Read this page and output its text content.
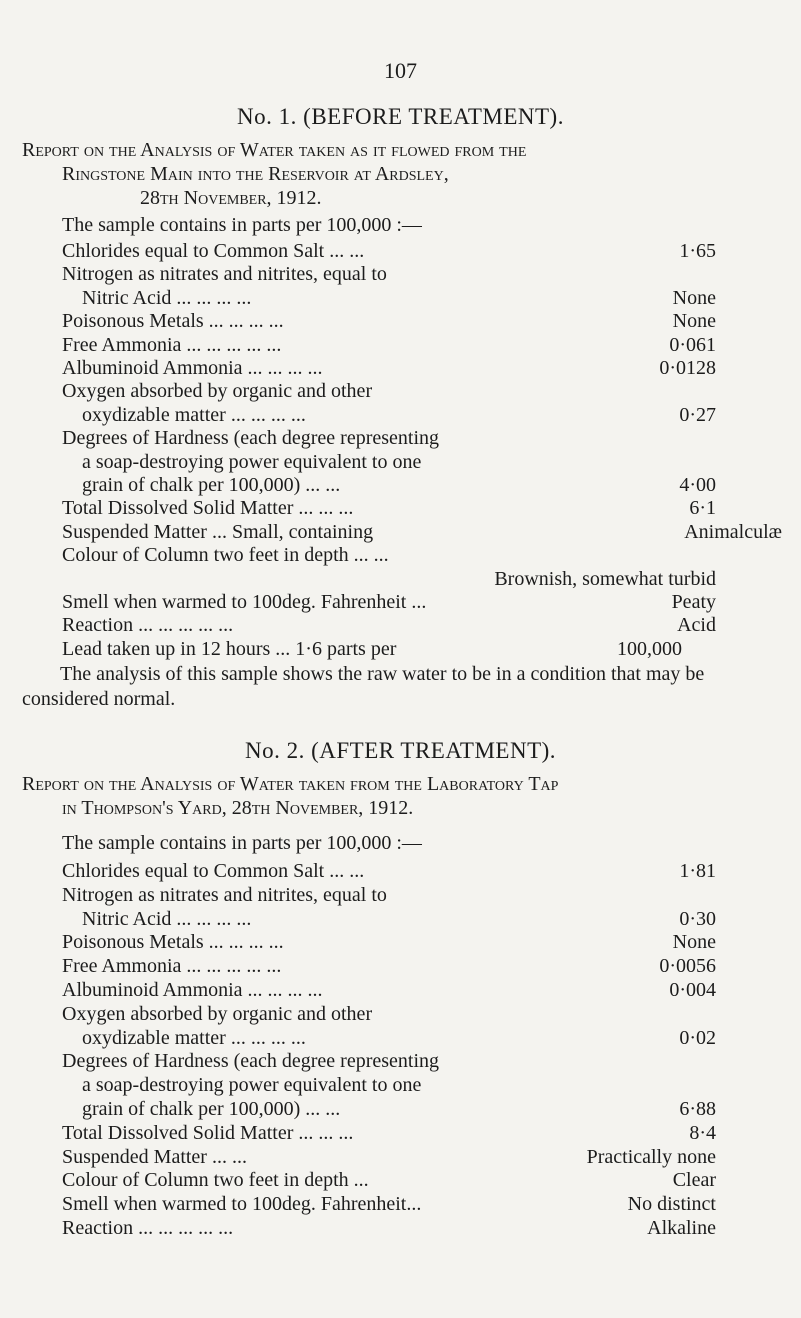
107
No. 1. (BEFORE TREATMENT).
Report on the Analysis of Water taken as it flowed from the
Ringstone Main into the Reservoir at Ardsley,
28th November, 1912.
The sample contains in parts per 100,000 :—
Chlorides equal to Common Salt ... ...	1·65
Nitrogen as nitrates and nitrites, equal to
Nitric Acid ... ... ... ...	None
Poisonous Metals ... ... ... ...	None
Free Ammonia ... ... ... ... ...	0·061
Albuminoid Ammonia ... ... ... ...	0·0128
Oxygen absorbed by organic and other
oxydizable matter ... ... ... ...	0·27
Degrees of Hardness (each degree representing
a soap-destroying power equivalent to one
grain of chalk per 100,000) ... ...	4·00
Total Dissolved Solid Matter ... ... ...	6·1
Suspended Matter ... Small, containing	Animalculæ
Colour of Column two feet in depth ... ...
Brownish, somewhat turbid
Smell when warmed to 100deg. Fahrenheit ...	Peaty
Reaction ... ... ... ... ...	Acid
Lead taken up in 12 hours ... 1·6 parts per	100,000
The analysis of this sample shows the raw water to be in a condition that may be considered normal.
No. 2. (AFTER TREATMENT).
Report on the Analysis of Water taken from the Laboratory Tap
in Thompson's Yard, 28th November, 1912.
The sample contains in parts per 100,000 :—
Chlorides equal to Common Salt ... ...	1·81
Nitrogen as nitrates and nitrites, equal to
Nitric Acid ... ... ... ...	0·30
Poisonous Metals ... ... ... ...	None
Free Ammonia ... ... ... ... ...	0·0056
Albuminoid Ammonia ... ... ... ...	0·004
Oxygen absorbed by organic and other
oxydizable matter ... ... ... ...	0·02
Degrees of Hardness (each degree representing
a soap-destroying power equivalent to one
grain of chalk per 100,000) ... ...	6·88
Total Dissolved Solid Matter ... ... ...	8·4
Suspended Matter ... ...	Practically none
Colour of Column two feet in depth ...	Clear
Smell when warmed to 100deg. Fahrenheit...	No distinct
Reaction ... ... ... ... ...	Alkaline
